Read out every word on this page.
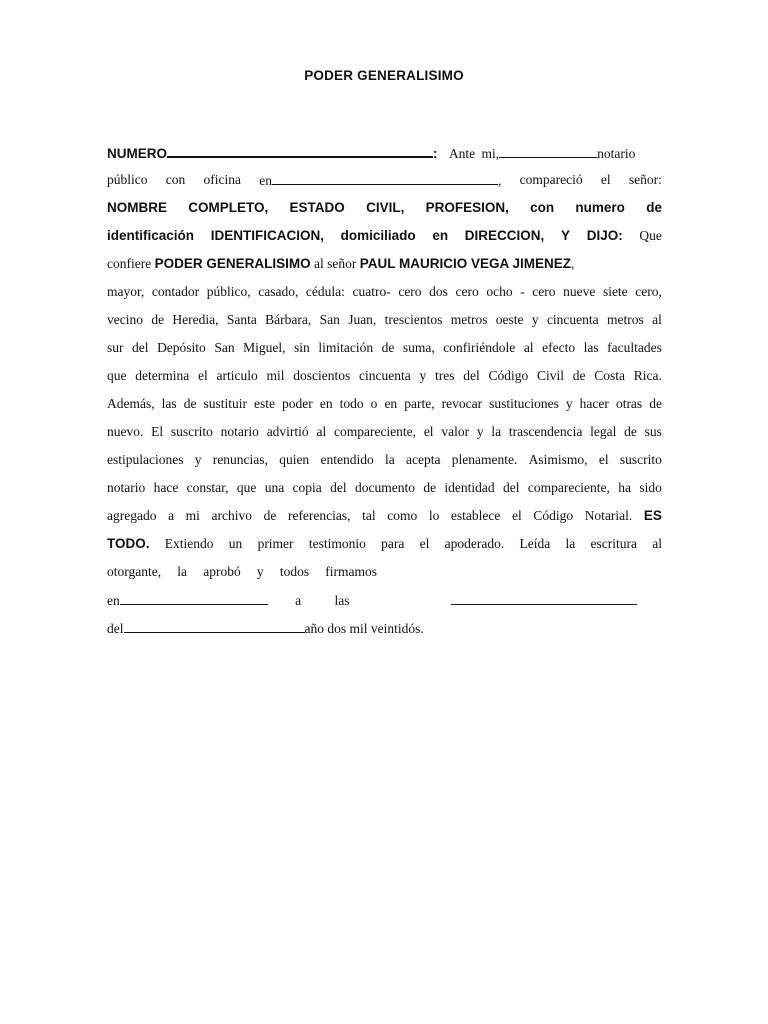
PODER GENERALISIMO
NUMERO	: Ante mi,	notario
público con oficina en	, compareció el señor:
NOMBRE COMPLETO, ESTADO CIVIL, PROFESION, con numero de
identificación IDENTIFICACION, domiciliado en DIRECCION, Y DIJO: Que
confiere PODER GENERALISIMO al señor PAUL MAURICIO VEGA JIMENEZ,
mayor, contador público, casado, cédula: cuatro- cero dos cero ocho - cero nueve siete cero,
vecino de Heredia, Santa Bárbara, San Juan, trescientos metros oeste y cincuenta metros al
sur del Depósito San Miguel, sin limitación de suma, confiriéndole al efecto las facultades
que determina el articulo mil doscientos cincuenta y tres del Código Civil de Costa Rica.
Además, las de sustituir este poder en todo o en parte, revocar sustituciones y hacer otras de
nuevo. El suscrito notario advirtió al compareciente, el valor y la trascendencia legal de sus
estipulaciones y renuncias, quien entendido la acepta plenamente. Asimismo, el suscrito
notario hace constar, que una copia del documento de identidad del compareciente, ha sido
agregado a mi archivo de referencias, tal como lo establece el Código Notarial. ES
TODO. Extiendo un primer testimonio para el apoderado. Leída la escritura al
otorgante, la aprobó y todos firmamos
en	a las
del	año dos mil veintidós.
